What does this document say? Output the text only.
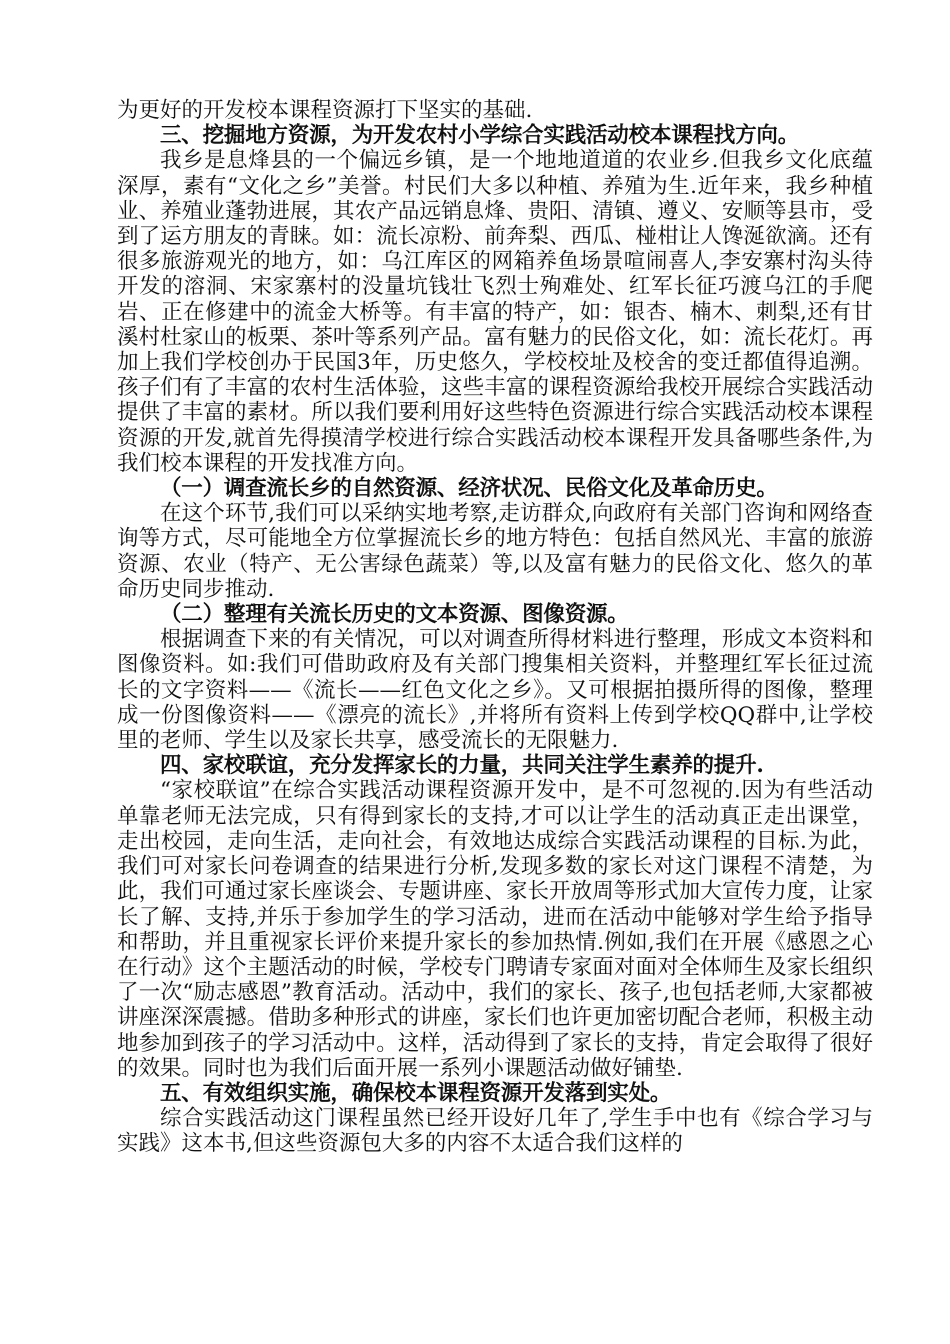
为更好的开发校本课程资源打下坚实的基础.

三、挖掘地方资源，为开发农村小学综合实践活动校本课程找方向。

我乡是息烽县的一个偏远乡镇，是一个地地道道的农业乡.但我乡文化底蕴深厚，素有“文化之乡”美誉。村民们大多以种植、养殖为生.近年来，我乡种植业、养殖业蓬勃进展，其农产品远销息烽、贵阳、清镇、遵义、安顺等县市，受到了运方朋友的青睐。如：流长凉粉、前奔梨、西瓜、椪柑让人馋涎欲滴。还有很多旅游观光的地方，如：乌江库区的网箱养鱼场景喧闹喜人,李安寨村沟头待开发的溶洞、宋家寨村的没量坑钱壮飞烈士殉难处、红军长征巧渡乌江的手爬岩、正在修建中的流金大桥等。有丰富的特产，如：银杏、楠木、刺梨,还有甘溪村杜家山的板栗、茶叶等系列产品。富有魅力的民俗文化，如：流长花灯。再加上我们学校创办于民国3年，历史悠久，学校校址及校舍的变迁都值得追溯。孩子们有了丰富的农村生活体验，这些丰富的课程资源给我校开展综合实践活动提供了丰富的素材。所以我们要利用好这些特色资源进行综合实践活动校本课程资源的开发,就首先得摸清学校进行综合实践活动校本课程开发具备哪些条件,为我们校本课程的开发找准方向。

（一）调查流长乡的自然资源、经济状况、民俗文化及革命历史。

在这个环节,我们可以采纳实地考察,走访群众,向政府有关部门咨询和网络查询等方式，尽可能地全方位掌握流长乡的地方特色：包括自然风光、丰富的旅游资源、农业（特产、无公害绿色蔬菜）等,以及富有魅力的民俗文化、悠久的革命历史同步推动.

（二）整理有关流长历史的文本资源、图像资源。

根据调查下来的有关情况，可以对调查所得材料进行整理，形成文本资料和图像资料。如:我们可借助政府及有关部门搜集相关资料，并整理红军长征过流长的文字资料——《流长——红色文化之乡》。又可根据拍摄所得的图像，整理成一份图像资料——《漂亮的流长》,并将所有资料上传到学校QQ群中,让学校里的老师、学生以及家长共享，感受流长的无限魅力.

四、家校联谊，充分发挥家长的力量，共同关注学生素养的提升.

“家校联谊”在综合实践活动课程资源开发中，是不可忽视的.因为有些活动单靠老师无法完成，只有得到家长的支持,才可以让学生的活动真正走出课堂，走出校园，走向生活，走向社会，有效地达成综合实践活动课程的目标.为此，我们可对家长问卷调查的结果进行分析,发现多数的家长对这门课程不清楚，为此，我们可通过家长座谈会、专题讲座、家长开放周等形式加大宣传力度，让家长了解、支持,并乐于参加学生的学习活动，进而在活动中能够对学生给予指导和帮助，并且重视家长评价来提升家长的参加热情.例如,我们在开展《感恩之心在行动》这个主题活动的时候，学校专门聘请专家面对面对全体师生及家长组织了一次“励志感恩”教育活动。活动中，我们的家长、孩子,也包括老师,大家都被讲座深深震撼。借助多种形式的讲座，家长们也许更加密切配合老师，积极主动地参加到孩子的学习活动中。这样，活动得到了家长的支持，肯定会取得了很好的效果。同时也为我们后面开展一系列小课题活动做好铺垫.

五、有效组织实施，确保校本课程资源开发落到实处。

综合实践活动这门课程虽然已经开设好几年了,学生手中也有《综合学习与实践》这本书,但这些资源包大多的内容不太适合我们这样的
